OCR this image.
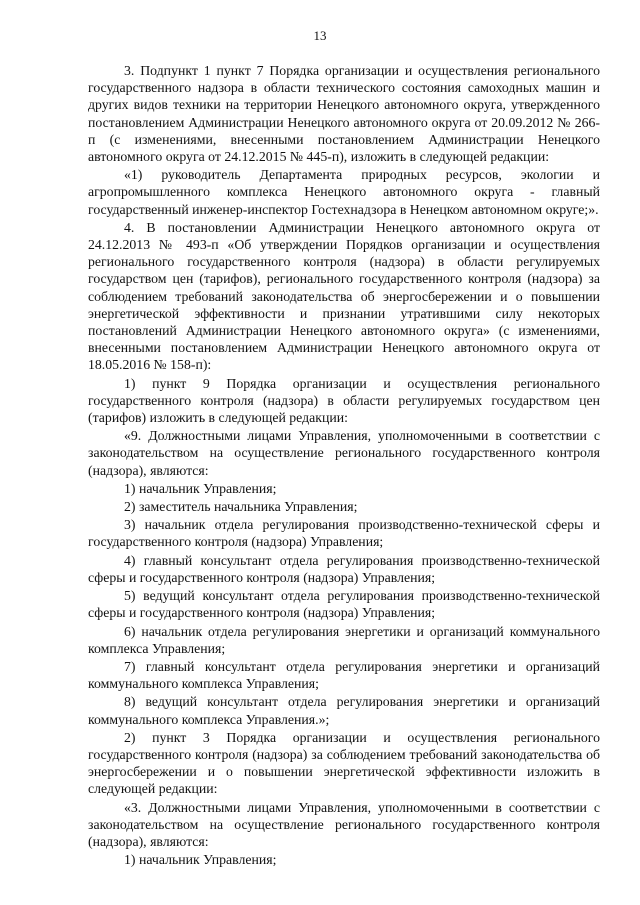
13

3. Подпункт 1 пункт 7 Порядка организации и осуществления регионального государственного надзора в области технического состояния самоходных машин и других видов техники на территории Ненецкого автономного округа, утвержденного постановлением Администрации Ненецкого автономного округа от 20.09.2012 № 266-п (с изменениями, внесенными постановлением Администрации Ненецкого автономного округа от 24.12.2015 № 445-п), изложить в следующей редакции:

«1) руководитель Департамента природных ресурсов, экологии и агропромышленного комплекса Ненецкого автономного округа - главный государственный инженер-инспектор Гостехнадзора в Ненецком автономном округе;».

4. В постановлении Администрации Ненецкого автономного округа от 24.12.2013 № 493-п «Об утверждении Порядков организации и осуществления регионального государственного контроля (надзора) в области регулируемых государством цен (тарифов), регионального государственного контроля (надзора) за соблюдением требований законодательства об энергосбережении и о повышении энергетической эффективности и признании утратившими силу некоторых постановлений Администрации Ненецкого автономного округа» (с изменениями, внесенными постановлением Администрации Ненецкого автономного округа от 18.05.2016 № 158-п):

1) пункт 9 Порядка организации и осуществления регионального государственного контроля (надзора) в области регулируемых государством цен (тарифов) изложить в следующей редакции:

«9. Должностными лицами Управления, уполномоченными в соответствии с законодательством на осуществление регионального государственного контроля (надзора), являются:

1) начальник Управления;

2) заместитель начальника Управления;

3) начальник отдела регулирования производственно-технической сферы и государственного контроля (надзора) Управления;

4) главный консультант отдела регулирования производственно-технической сферы и государственного контроля (надзора) Управления;

5) ведущий консультант отдела регулирования производственно-технической сферы и государственного контроля (надзора) Управления;

6) начальник отдела регулирования энергетики и организаций коммунального комплекса Управления;

7) главный консультант отдела регулирования энергетики и организаций коммунального комплекса Управления;

8) ведущий консультант отдела регулирования энергетики и организаций коммунального комплекса Управления.»;

2) пункт 3 Порядка организации и осуществления регионального государственного контроля (надзора) за соблюдением требований законодательства об энергосбережении и о повышении энергетической эффективности изложить в следующей редакции:

«3. Должностными лицами Управления, уполномоченными в соответствии с законодательством на осуществление регионального государственного контроля (надзора), являются:

1) начальник Управления;
